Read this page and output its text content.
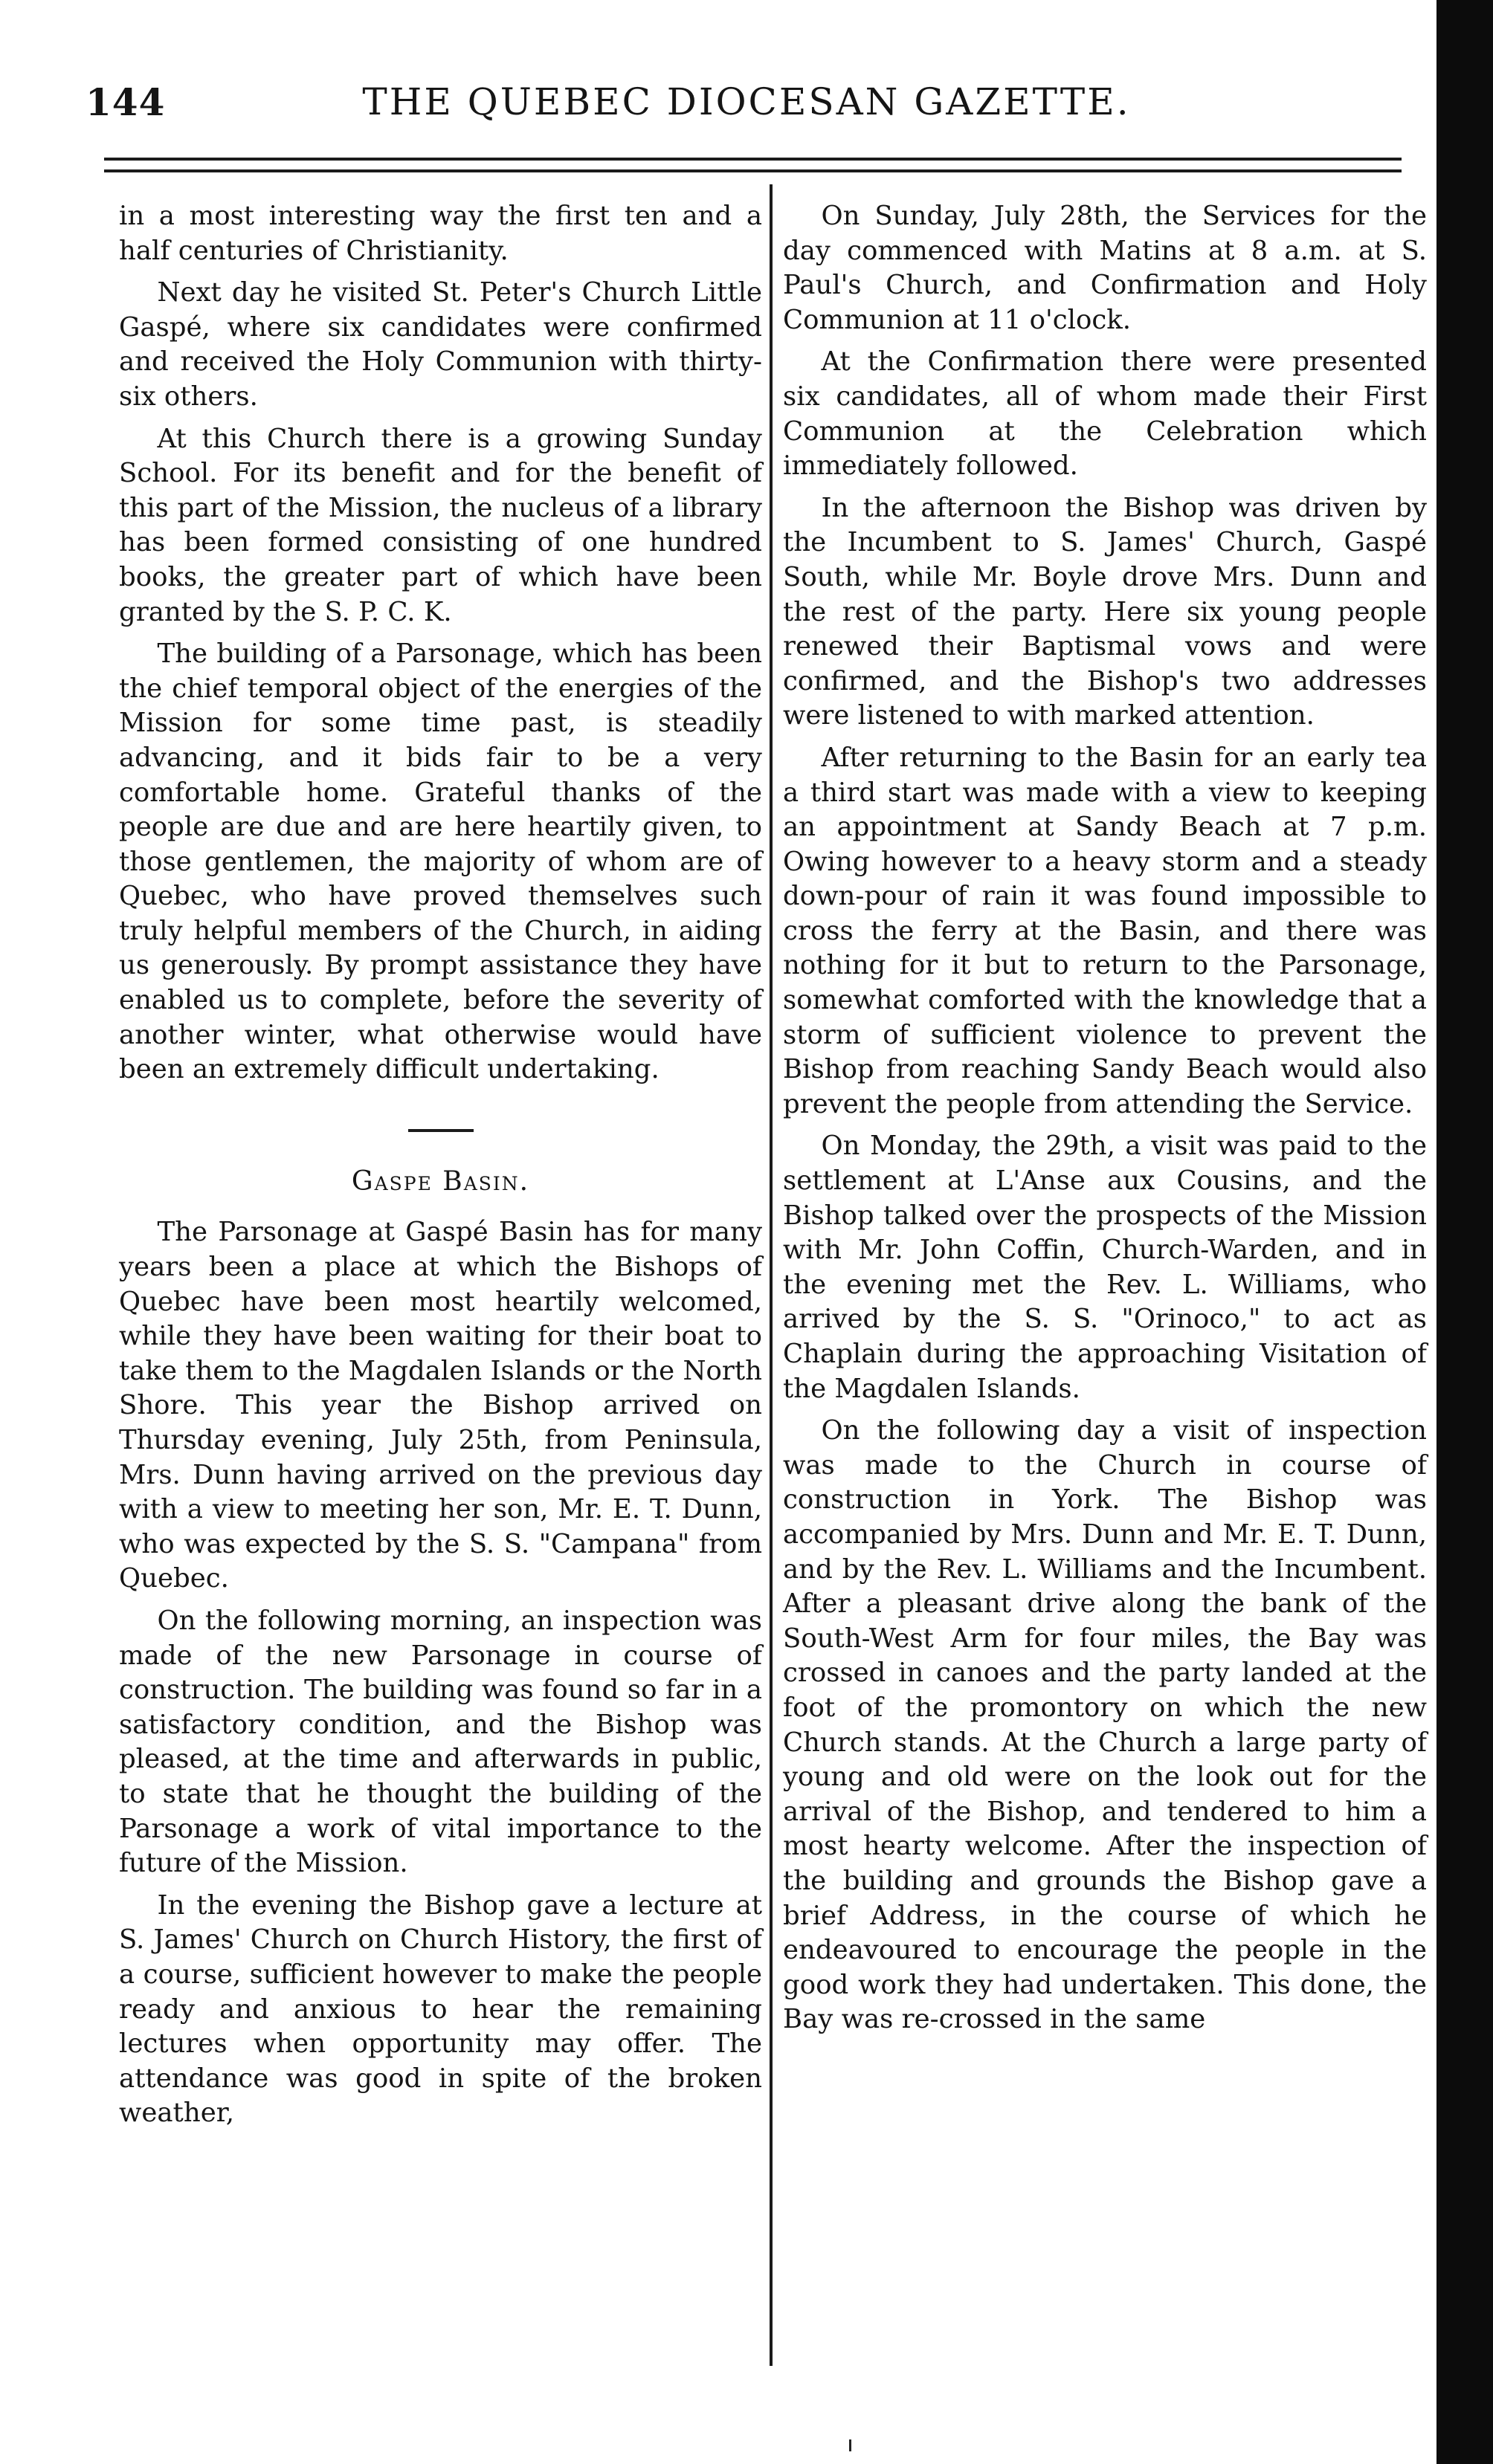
144	THE QUEBEC DIOCESAN GAZETTE.

in a most interesting way the first ten and a half centuries of Christianity.

Next day he visited St. Peter's Church Little Gaspé, where six candidates were confirmed and received the Holy Communion with thirty-six others.

At this Church there is a growing Sunday School. For its benefit and for the benefit of this part of the Mission, the nucleus of a library has been formed consisting of one hundred books, the greater part of which have been granted by the S. P. C. K.

The building of a Parsonage, which has been the chief temporal object of the energies of the Mission for some time past, is steadily advancing, and it bids fair to be a very comfortable home. Grateful thanks of the people are due and are here heartily given, to those gentlemen, the majority of whom are of Quebec, who have proved themselves such truly helpful members of the Church, in aiding us generously. By prompt assistance they have enabled us to complete, before the severity of another winter, what otherwise would have been an extremely difficult undertaking.

Gaspe Basin.

The Parsonage at Gaspé Basin has for many years been a place at which the Bishops of Quebec have been most heartily welcomed, while they have been waiting for their boat to take them to the Magdalen Islands or the North Shore. This year the Bishop arrived on Thursday evening, July 25th, from Peninsula, Mrs. Dunn having arrived on the previous day with a view to meeting her son, Mr. E. T. Dunn, who was expected by the S. S. "Campana" from Quebec.

On the following morning, an inspection was made of the new Parsonage in course of construction. The building was found so far in a satisfactory condition, and the Bishop was pleased, at the time and afterwards in public, to state that he thought the building of the Parsonage a work of vital importance to the future of the Mission.

In the evening the Bishop gave a lecture at S. James' Church on Church History, the first of a course, sufficient however to make the people ready and anxious to hear the remaining lectures when opportunity may offer. The attendance was good in spite of the broken weather,

On Sunday, July 28th, the Services for the day commenced with Matins at 8 a.m. at S. Paul's Church, and Confirmation and Holy Communion at 11 o'clock.

At the Confirmation there were presented six candidates, all of whom made their First Communion at the Celebration which immediately followed.

In the afternoon the Bishop was driven by the Incumbent to S. James' Church, Gaspé South, while Mr. Boyle drove Mrs. Dunn and the rest of the party. Here six young people renewed their Baptismal vows and were confirmed, and the Bishop's two addresses were listened to with marked attention.

After returning to the Basin for an early tea a third start was made with a view to keeping an appointment at Sandy Beach at 7 p.m. Owing however to a heavy storm and a steady down-pour of rain it was found impossible to cross the ferry at the Basin, and there was nothing for it but to return to the Parsonage, somewhat comforted with the knowledge that a storm of sufficient violence to prevent the Bishop from reaching Sandy Beach would also prevent the people from attending the Service.

On Monday, the 29th, a visit was paid to the settlement at L'Anse aux Cousins, and the Bishop talked over the prospects of the Mission with Mr. John Coffin, Church-Warden, and in the evening met the Rev. L. Williams, who arrived by the S. S. "Orinoco," to act as Chaplain during the approaching Visitation of the Magdalen Islands.

On the following day a visit of inspection was made to the Church in course of construction in York. The Bishop was accompanied by Mrs. Dunn and Mr. E. T. Dunn, and by the Rev. L. Williams and the Incumbent. After a pleasant drive along the bank of the South-West Arm for four miles, the Bay was crossed in canoes and the party landed at the foot of the promontory on which the new Church stands. At the Church a large party of young and old were on the look out for the arrival of the Bishop, and tendered to him a most hearty welcome. After the inspection of the building and grounds the Bishop gave a brief Address, in the course of which he endeavoured to encourage the people in the good work they had undertaken. This done, the Bay was re-crossed in the same
